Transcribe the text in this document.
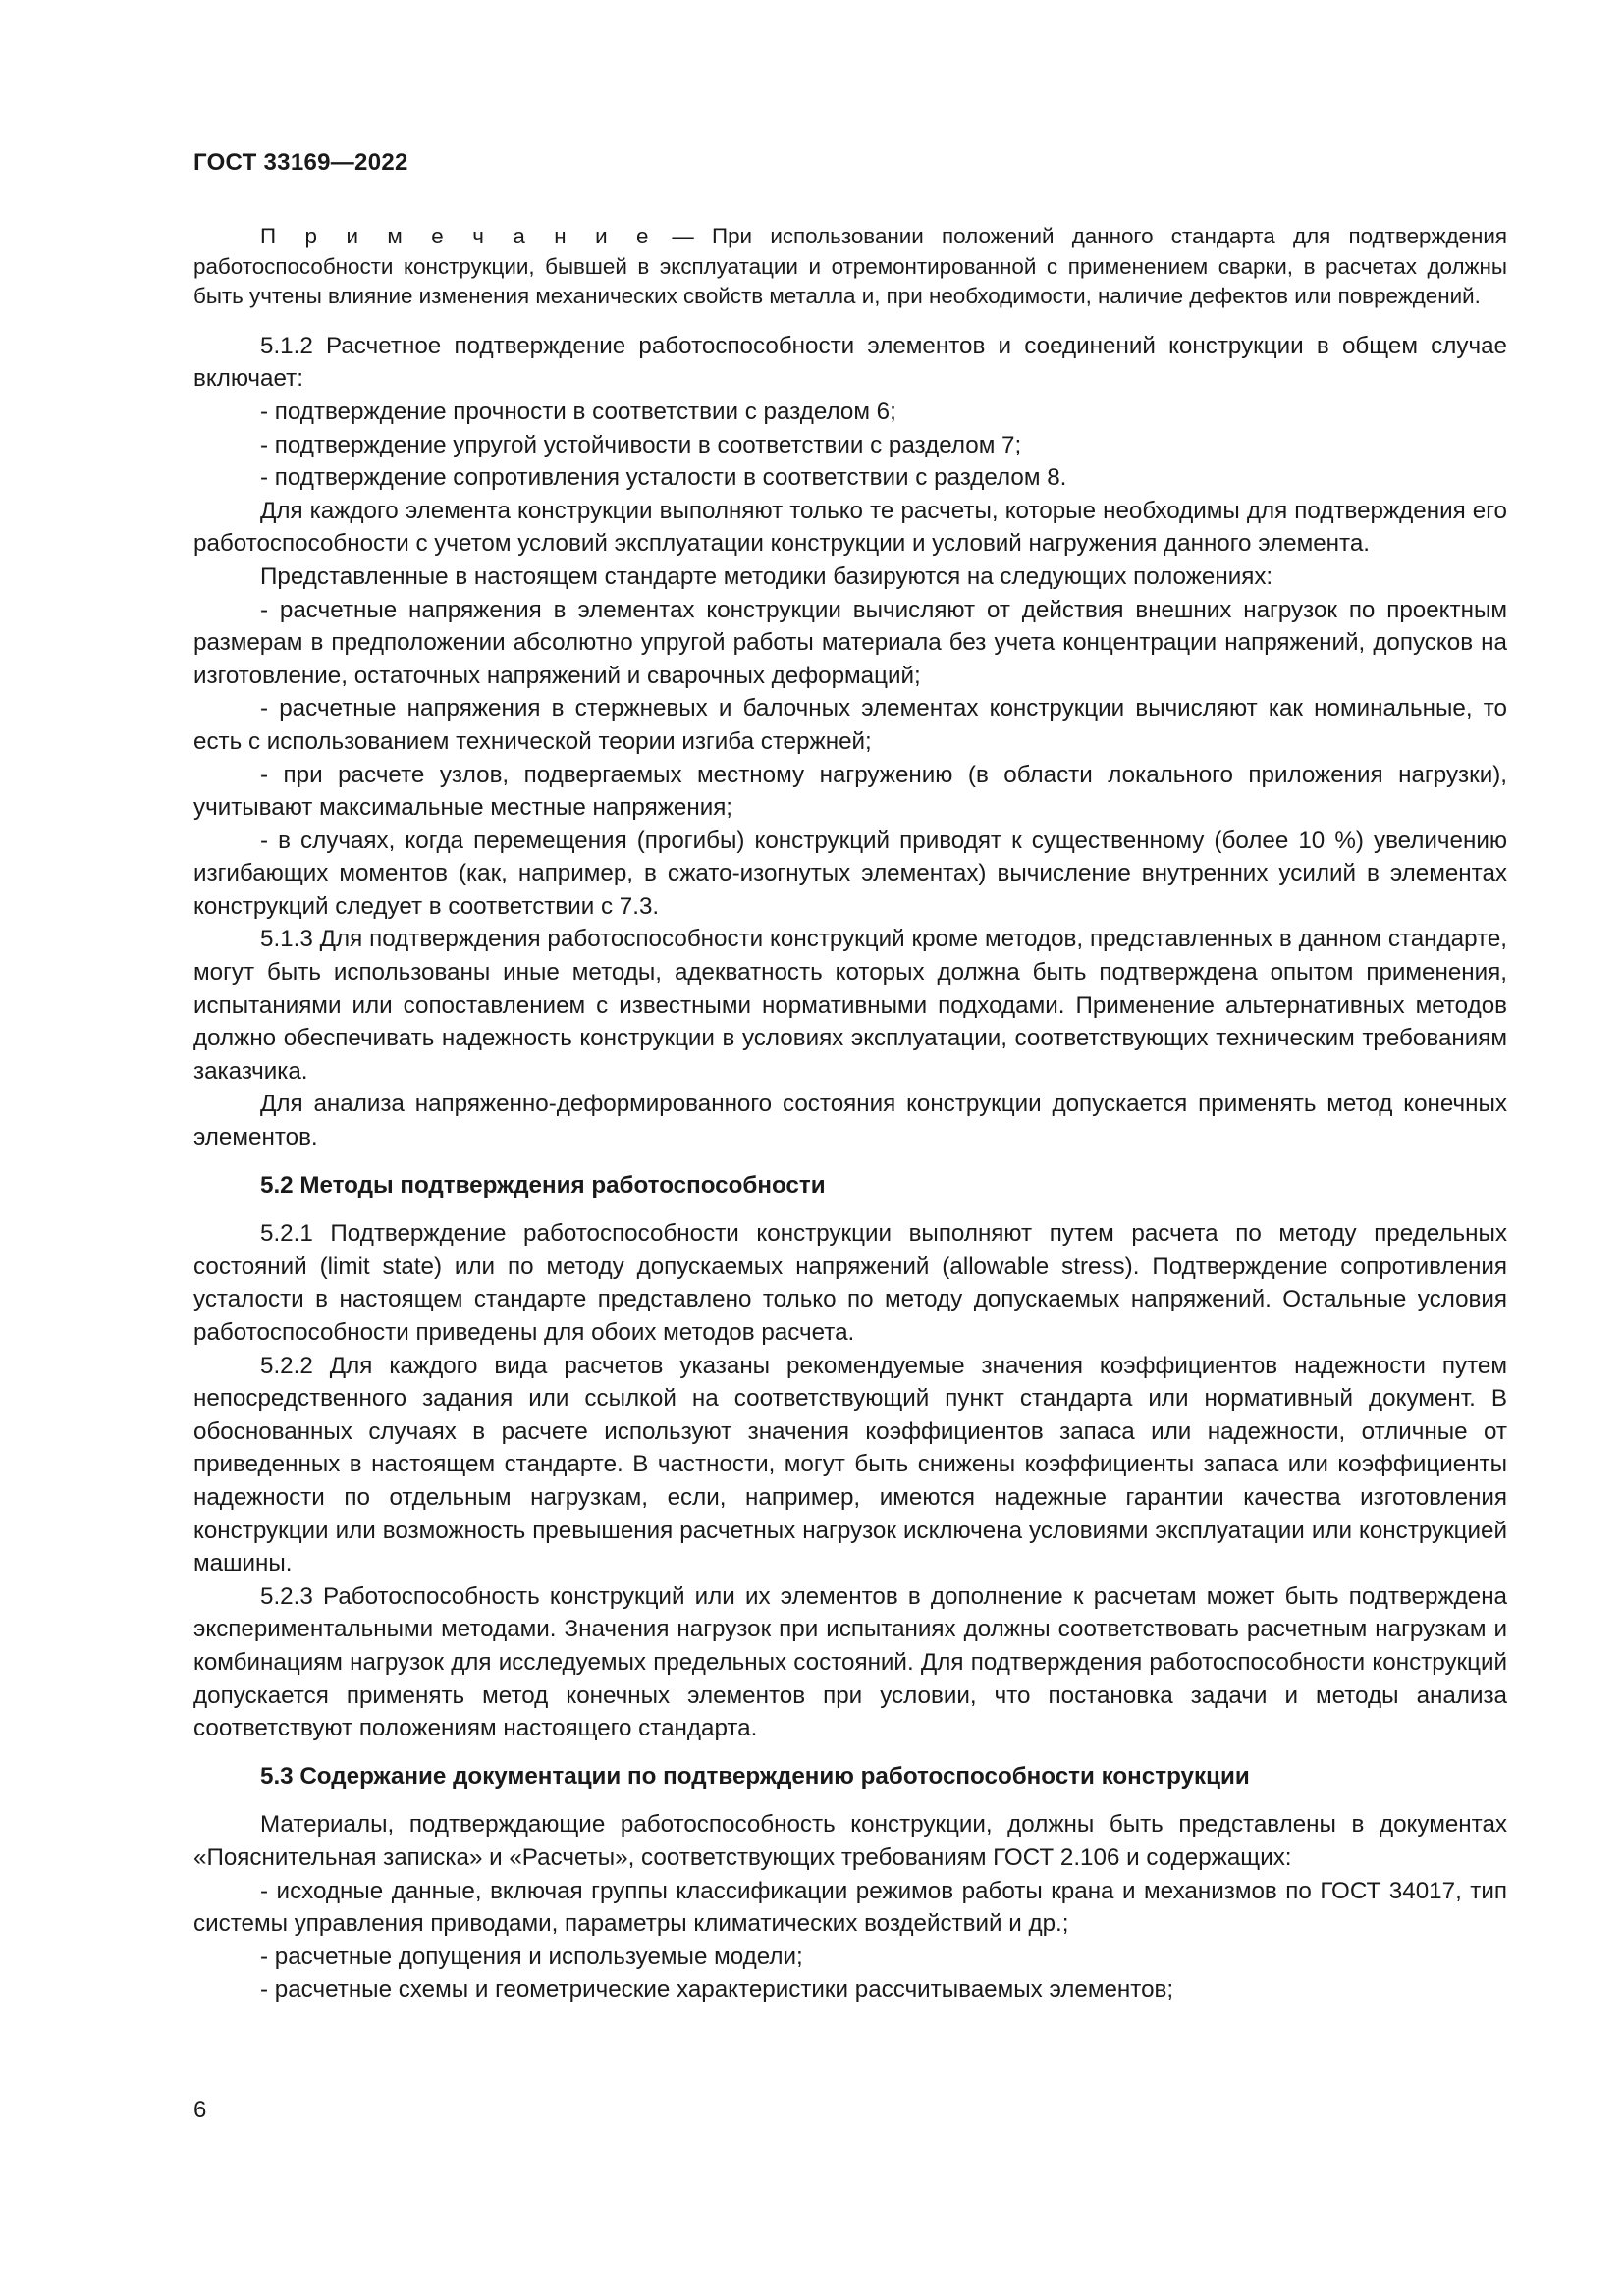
ГОСТ 33169—2022

П р и м е ч а н и е — При использовании положений данного стандарта для подтверждения работоспособности конструкции, бывшей в эксплуатации и отремонтированной с применением сварки, в расчетах должны быть учтены влияние изменения механических свойств металла и, при необходимости, наличие дефектов или повреждений.

5.1.2 Расчетное подтверждение работоспособности элементов и соединений конструкции в общем случае включает:

- подтверждение прочности в соответствии с разделом 6;

- подтверждение упругой устойчивости в соответствии с разделом 7;

- подтверждение сопротивления усталости в соответствии с разделом 8.

Для каждого элемента конструкции выполняют только те расчеты, которые необходимы для подтверждения его работоспособности с учетом условий эксплуатации конструкции и условий нагружения данного элемента.

Представленные в настоящем стандарте методики базируются на следующих положениях:

- расчетные напряжения в элементах конструкции вычисляют от действия внешних нагрузок по проектным размерам в предположении абсолютно упругой работы материала без учета концентрации напряжений, допусков на изготовление, остаточных напряжений и сварочных деформаций;

- расчетные напряжения в стержневых и балочных элементах конструкции вычисляют как номинальные, то есть с использованием технической теории изгиба стержней;

- при расчете узлов, подвергаемых местному нагружению (в области локального приложения нагрузки), учитывают максимальные местные напряжения;

- в случаях, когда перемещения (прогибы) конструкций приводят к существенному (более 10 %) увеличению изгибающих моментов (как, например, в сжато-изогнутых элементах) вычисление внутренних усилий в элементах конструкций следует в соответствии с 7.3.

5.1.3 Для подтверждения работоспособности конструкций кроме методов, представленных в данном стандарте, могут быть использованы иные методы, адекватность которых должна быть подтверждена опытом применения, испытаниями или сопоставлением с известными нормативными подходами. Применение альтернативных методов должно обеспечивать надежность конструкции в условиях эксплуатации, соответствующих техническим требованиям заказчика.

Для анализа напряженно-деформированного состояния конструкции допускается применять метод конечных элементов.

5.2 Методы подтверждения работоспособности

5.2.1 Подтверждение работоспособности конструкции выполняют путем расчета по методу предельных состояний (limit state) или по методу допускаемых напряжений (allowable stress). Подтверждение сопротивления усталости в настоящем стандарте представлено только по методу допускаемых напряжений. Остальные условия работоспособности приведены для обоих методов расчета.

5.2.2 Для каждого вида расчетов указаны рекомендуемые значения коэффициентов надежности путем непосредственного задания или ссылкой на соответствующий пункт стандарта или нормативный документ. В обоснованных случаях в расчете используют значения коэффициентов запаса или надежности, отличные от приведенных в настоящем стандарте. В частности, могут быть снижены коэффициенты запаса или коэффициенты надежности по отдельным нагрузкам, если, например, имеются надежные гарантии качества изготовления конструкции или возможность превышения расчетных нагрузок исключена условиями эксплуатации или конструкцией машины.

5.2.3 Работоспособность конструкций или их элементов в дополнение к расчетам может быть подтверждена экспериментальными методами. Значения нагрузок при испытаниях должны соответствовать расчетным нагрузкам и комбинациям нагрузок для исследуемых предельных состояний. Для подтверждения работоспособности конструкций допускается применять метод конечных элементов при условии, что постановка задачи и методы анализа соответствуют положениям настоящего стандарта.

5.3 Содержание документации по подтверждению работоспособности конструкции

Материалы, подтверждающие работоспособность конструкции, должны быть представлены в документах «Пояснительная записка» и «Расчеты», соответствующих требованиям ГОСТ 2.106 и содержащих:

- исходные данные, включая группы классификации режимов работы крана и механизмов по ГОСТ 34017, тип системы управления приводами, параметры климатических воздействий и др.;

- расчетные допущения и используемые модели;

- расчетные схемы и геометрические характеристики рассчитываемых элементов;

6
